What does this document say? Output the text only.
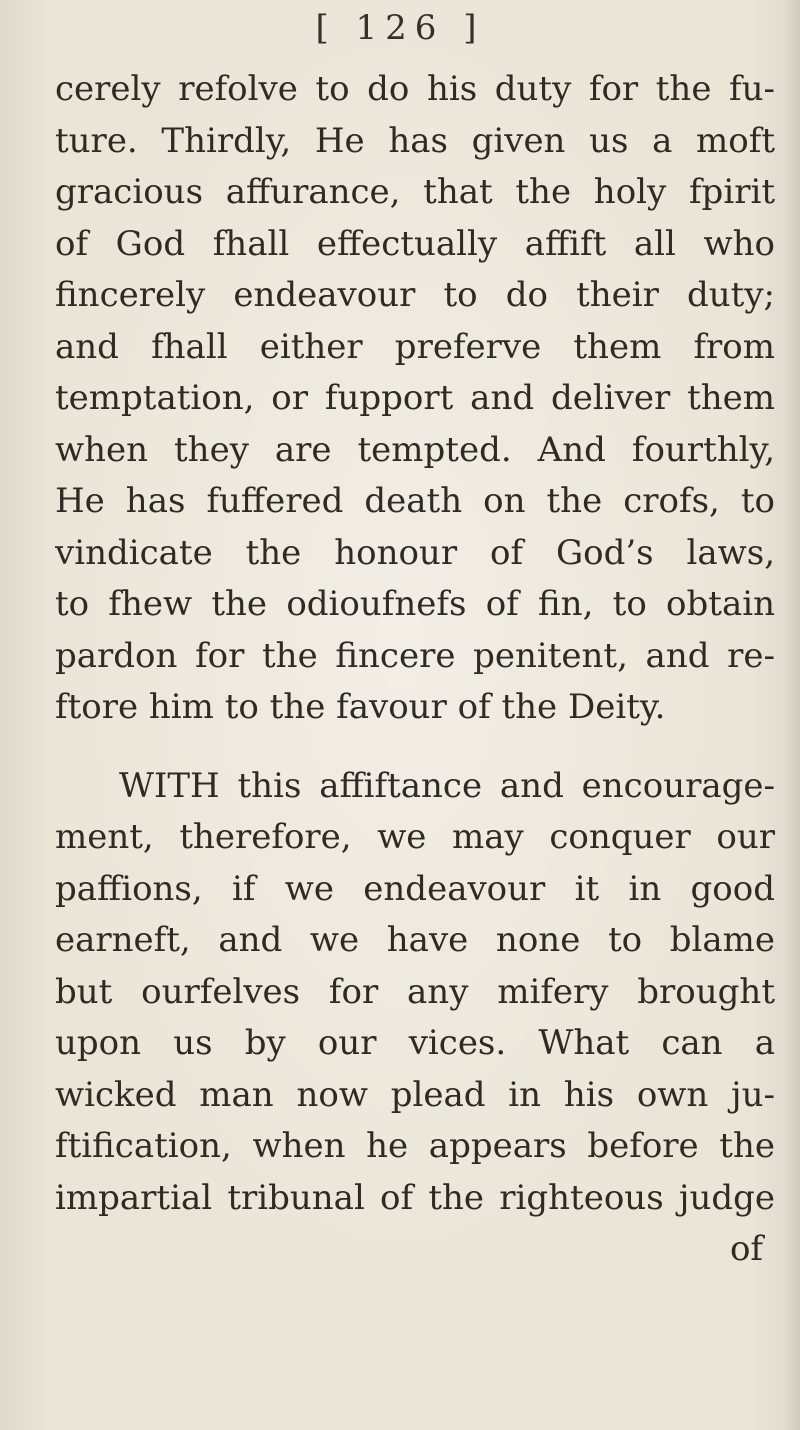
[ 126 ]
cerely refolve to do his duty for the fu-
ture. Thirdly, He has given us a moft
gracious affurance, that the holy fpirit
of God fhall effectually affift all who
fincerely endeavour to do their duty;
and fhall either preferve them from
temptation, or fupport and deliver them
when they are tempted. And fourthly,
He has fuffered death on the crofs, to
vindicate the honour of God’s laws,
to fhew the odioufnefs of fin, to obtain
pardon for the fincere penitent, and re-
ftore him to the favour of the Deity.
WITH this affiftance and encourage-
ment, therefore, we may conquer our
paffions, if we endeavour it in good
earneft, and we have none to blame
but ourfelves for any mifery brought
upon us by our vices. What can a
wicked man now plead in his own ju-
ftification, when he appears before the
impartial tribunal of the righteous judge
of
